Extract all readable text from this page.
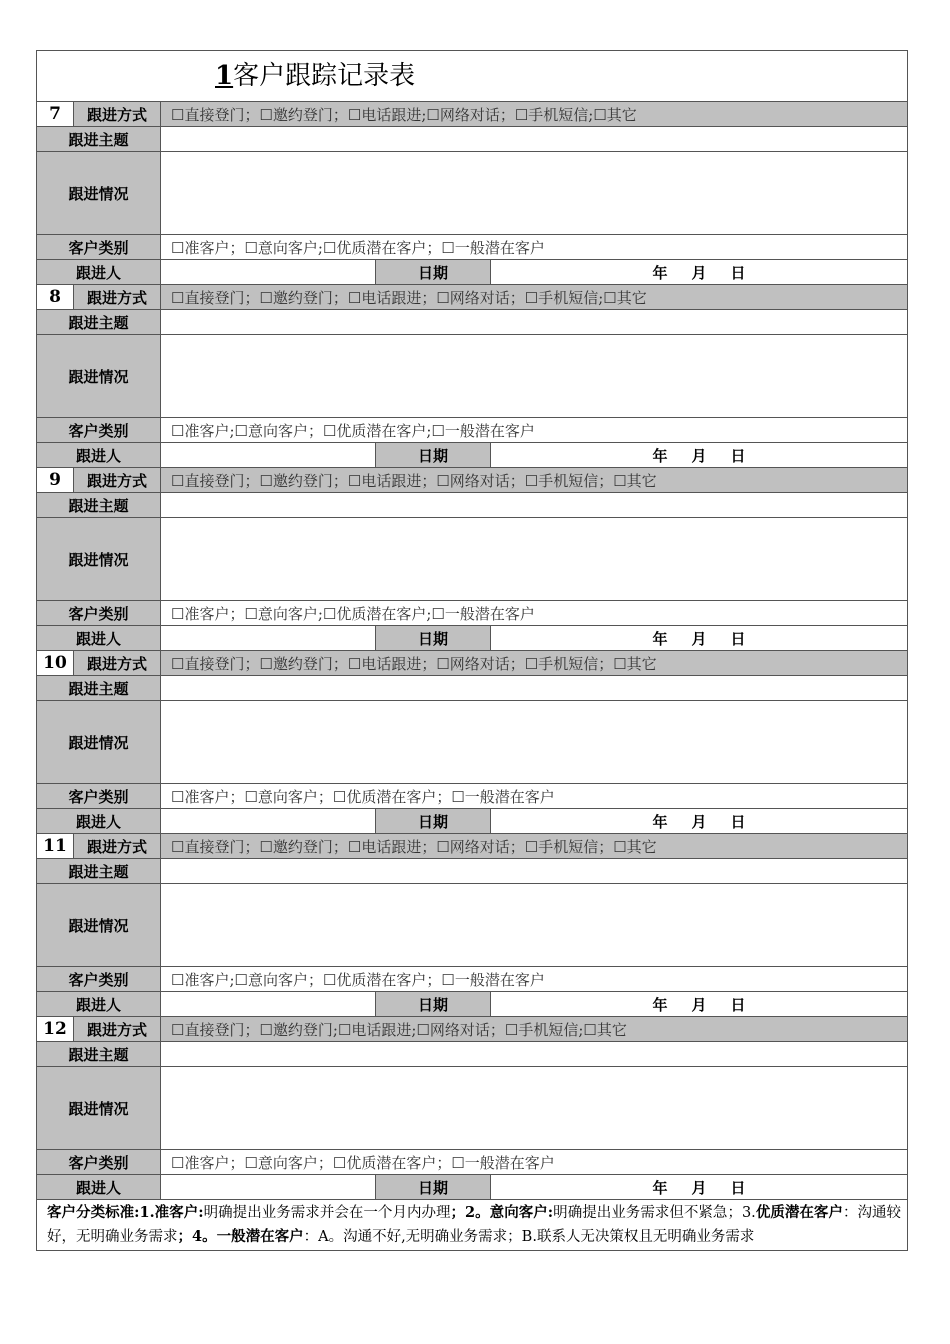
1客户跟踪记录表				

7	跟进方式	☐直接登门；☐邀约登门；☐电话跟进;☐网络对话；☐手机短信;☐其它		
跟进主题				
跟进情况				
客户类别		☐准客户；☐意向客户;☐优质潜在客户；☐一般潜在客户		
跟进人			日期	年 月 日
8	跟进方式	☐直接登门；☐邀约登门；☐电话跟进；☐网络对话；☐手机短信;☐其它		
跟进主题				
跟进情况				
客户类别		☐准客户;☐意向客户；☐优质潜在客户;☐一般潜在客户		
跟进人			日期	年 月 日
9	跟进方式	☐直接登门；☐邀约登门；☐电话跟进；☐网络对话；☐手机短信；☐其它		
跟进主题				
跟进情况				
客户类别		☐准客户；☐意向客户;☐优质潜在客户;☐一般潜在客户		
跟进人			日期	年 月 日
10	跟进方式	☐直接登门；☐邀约登门；☐电话跟进；☐网络对话；☐手机短信；☐其它		
跟进主题				
跟进情况				
客户类别		☐准客户；☐意向客户；☐优质潜在客户；☐一般潜在客户		
跟进人			日期	年 月 日
11	跟进方式	☐直接登门；☐邀约登门；☐电话跟进；☐网络对话；☐手机短信；☐其它		
跟进主题				
跟进情况				
客户类别		☐准客户;☐意向客户；☐优质潜在客户；☐一般潜在客户		
跟进人			日期	年 月 日
12	跟进方式	☐直接登门；☐邀约登门;☐电话跟进;☐网络对话；☐手机短信;☐其它		
跟进主题				
跟进情况				
客户类别		☐准客户；☐意向客户；☐优质潜在客户；☐一般潜在客户		
跟进人			日期	年 月 日
客户分类标准:1.准客户:明确提出业务需求并会在一个月内办理；2。意向客户:明确提出业务需求但不紧急；3.优质潜在客户：沟通较好，无明确业务需求；4。一般潜在客户：A。沟通不好,无明确业务需求；B.联系人无决策权且无明确业务需求				
